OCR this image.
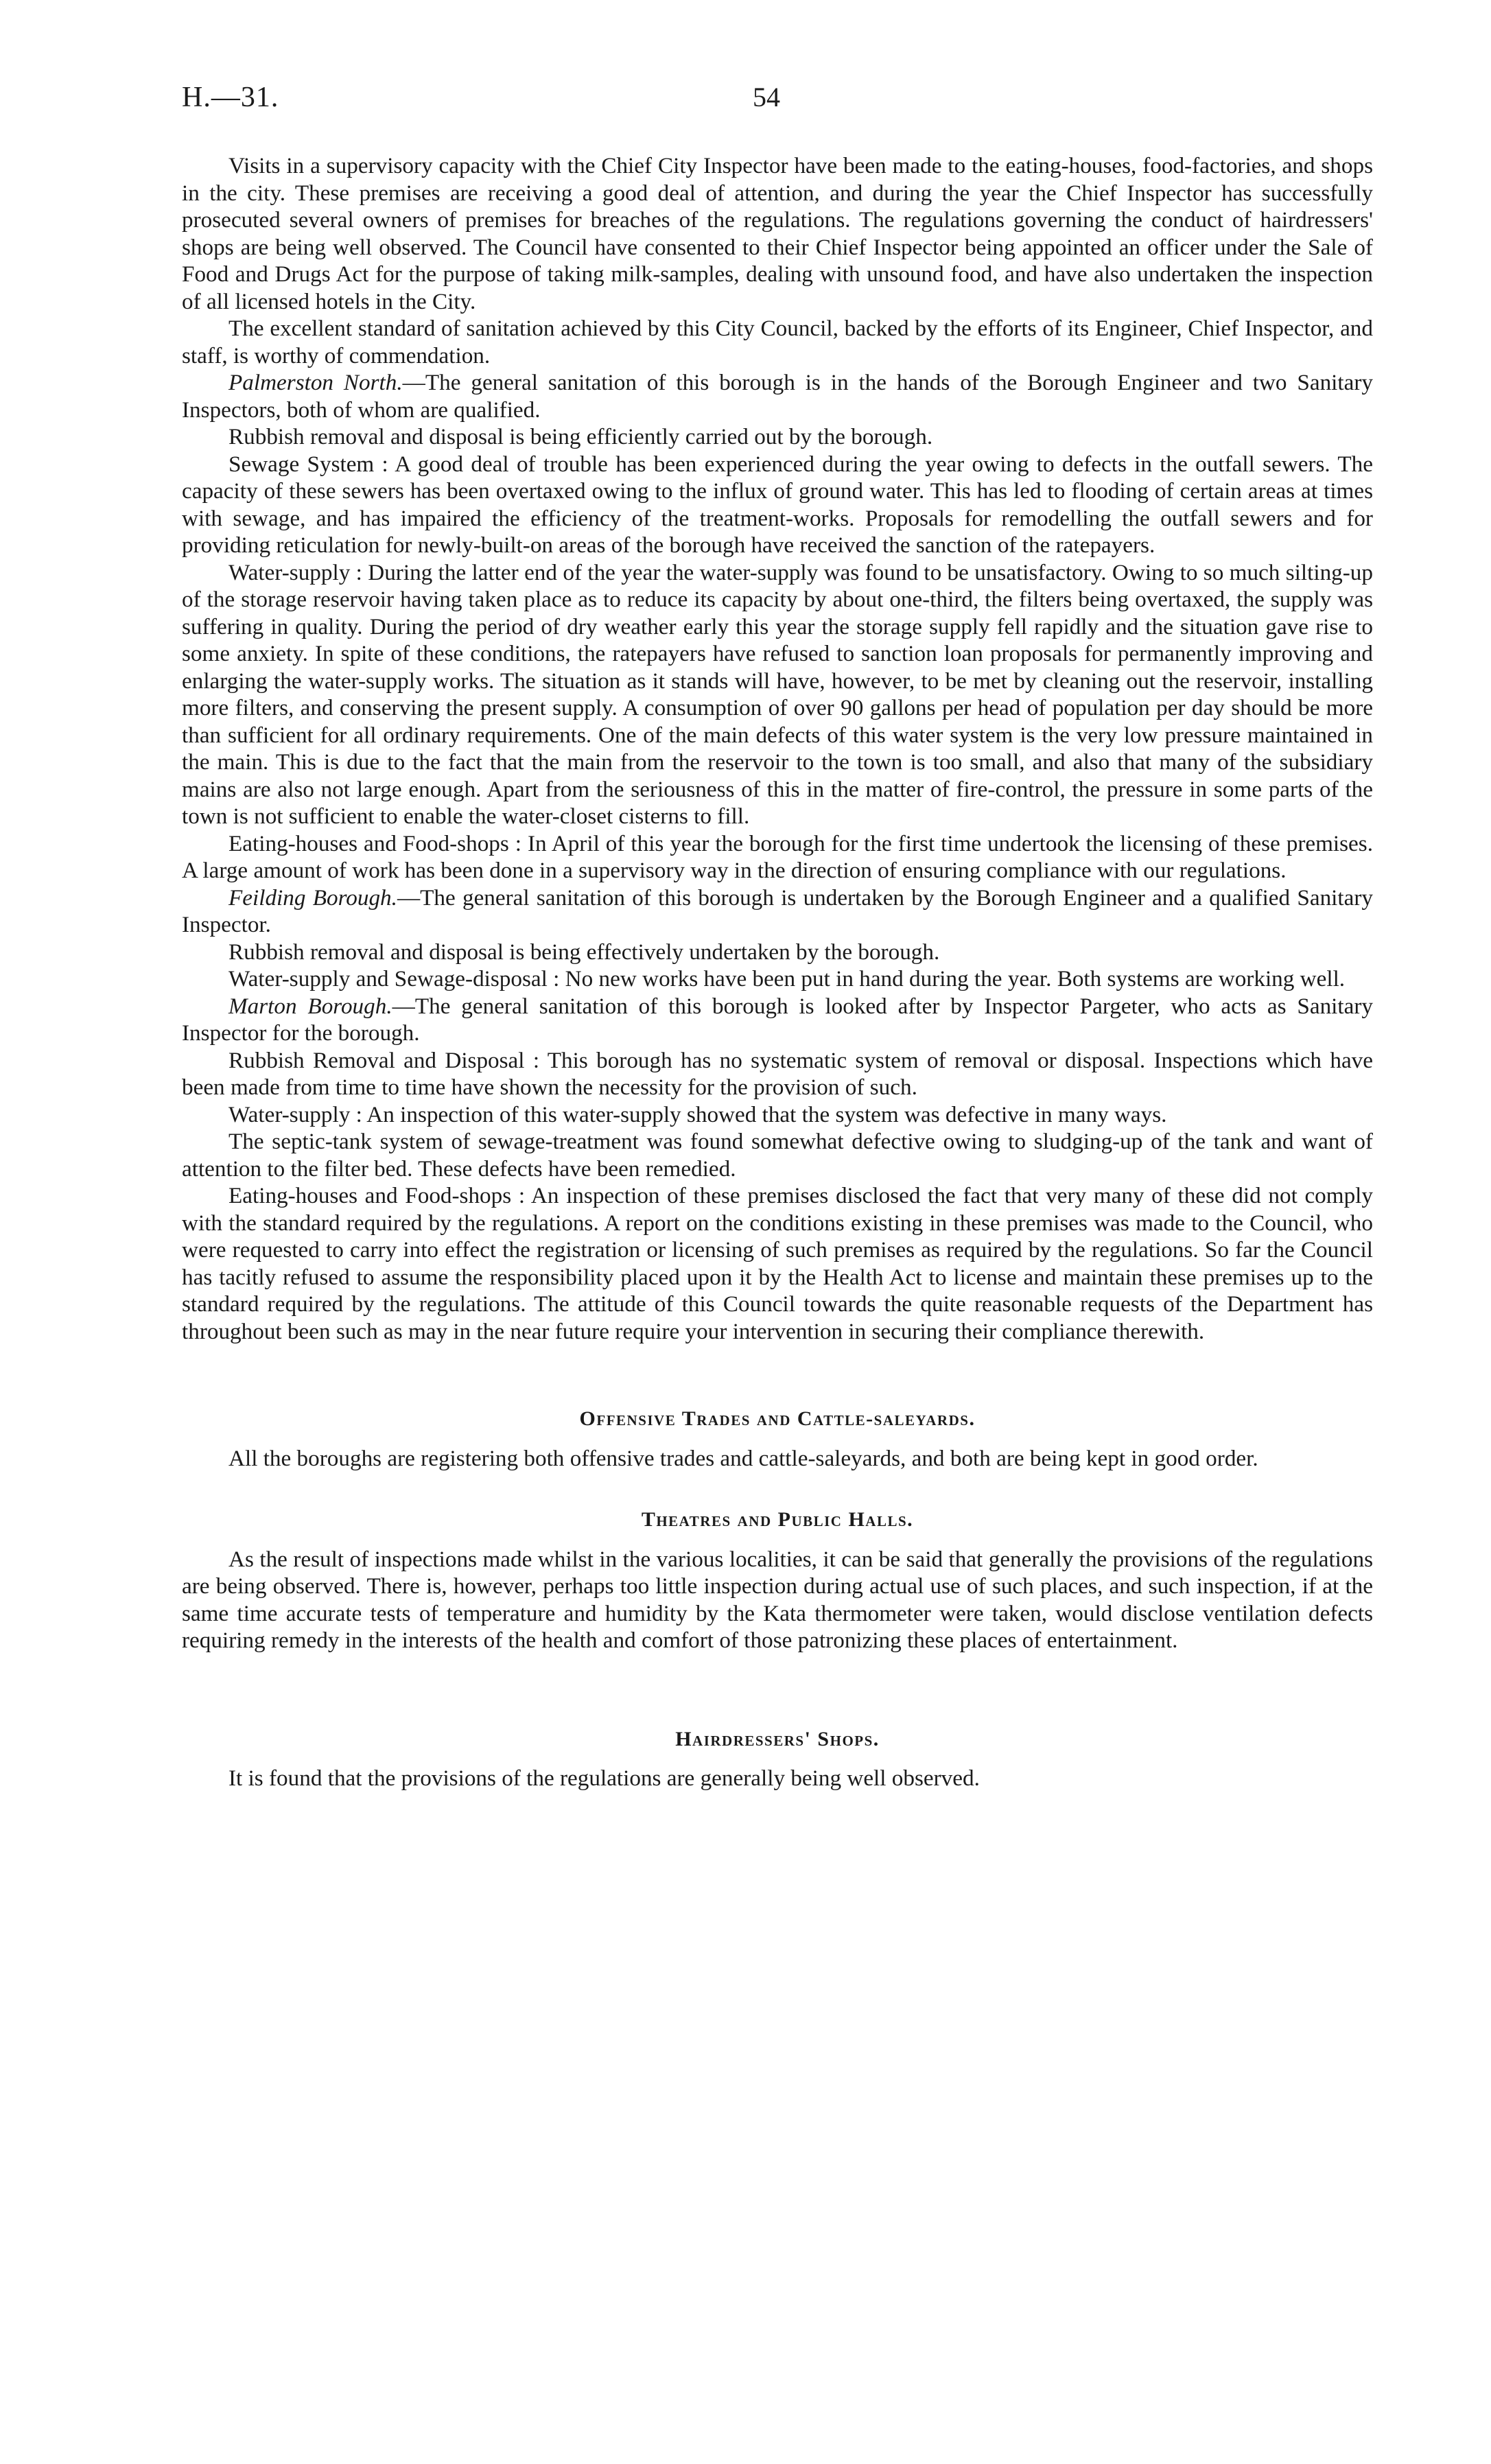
H.—31.	54

Visits in a supervisory capacity with the Chief City Inspector have been made to the eating-houses, food-factories, and shops in the city. These premises are receiving a good deal of attention, and during the year the Chief Inspector has successfully prosecuted several owners of premises for breaches of the regulations. The regulations governing the conduct of hairdressers' shops are being well observed. The Council have consented to their Chief Inspector being appointed an officer under the Sale of Food and Drugs Act for the purpose of taking milk-samples, dealing with unsound food, and have also undertaken the inspection of all licensed hotels in the City.

The excellent standard of sanitation achieved by this City Council, backed by the efforts of its Engineer, Chief Inspector, and staff, is worthy of commendation.

Palmerston North.—The general sanitation of this borough is in the hands of the Borough Engineer and two Sanitary Inspectors, both of whom are qualified.

Rubbish removal and disposal is being efficiently carried out by the borough.

Sewage System : A good deal of trouble has been experienced during the year owing to defects in the outfall sewers. The capacity of these sewers has been overtaxed owing to the influx of ground water. This has led to flooding of certain areas at times with sewage, and has impaired the efficiency of the treatment-works. Proposals for remodelling the outfall sewers and for providing reticulation for newly-built-on areas of the borough have received the sanction of the ratepayers.

Water-supply : During the latter end of the year the water-supply was found to be unsatisfactory. Owing to so much silting-up of the storage reservoir having taken place as to reduce its capacity by about one-third, the filters being overtaxed, the supply was suffering in quality. During the period of dry weather early this year the storage supply fell rapidly and the situation gave rise to some anxiety. In spite of these conditions, the ratepayers have refused to sanction loan proposals for permanently improving and enlarging the water-supply works. The situation as it stands will have, however, to be met by cleaning out the reservoir, installing more filters, and conserving the present supply. A consumption of over 90 gallons per head of population per day should be more than sufficient for all ordinary requirements. One of the main defects of this water system is the very low pressure maintained in the main. This is due to the fact that the main from the reservoir to the town is too small, and also that many of the subsidiary mains are also not large enough. Apart from the seriousness of this in the matter of fire-control, the pressure in some parts of the town is not sufficient to enable the water-closet cisterns to fill.

Eating-houses and Food-shops : In April of this year the borough for the first time undertook the licensing of these premises. A large amount of work has been done in a supervisory way in the direction of ensuring compliance with our regulations.

Feilding Borough.—The general sanitation of this borough is undertaken by the Borough Engineer and a qualified Sanitary Inspector.

Rubbish removal and disposal is being effectively undertaken by the borough.

Water-supply and Sewage-disposal : No new works have been put in hand during the year. Both systems are working well.

Marton Borough.—The general sanitation of this borough is looked after by Inspector Pargeter, who acts as Sanitary Inspector for the borough.

Rubbish Removal and Disposal : This borough has no systematic system of removal or disposal. Inspections which have been made from time to time have shown the necessity for the provision of such.

Water-supply : An inspection of this water-supply showed that the system was defective in many ways.

The septic-tank system of sewage-treatment was found somewhat defective owing to sludging-up of the tank and want of attention to the filter bed. These defects have been remedied.

Eating-houses and Food-shops : An inspection of these premises disclosed the fact that very many of these did not comply with the standard required by the regulations. A report on the conditions existing in these premises was made to the Council, who were requested to carry into effect the registration or licensing of such premises as required by the regulations. So far the Council has tacitly refused to assume the responsibility placed upon it by the Health Act to license and maintain these premises up to the standard required by the regulations. The attitude of this Council towards the quite reasonable requests of the Department has throughout been such as may in the near future require your intervention in securing their compliance therewith.

Offensive Trades and Cattle-saleyards.

All the boroughs are registering both offensive trades and cattle-saleyards, and both are being kept in good order.

Theatres and Public Halls.

As the result of inspections made whilst in the various localities, it can be said that generally the provisions of the regulations are being observed. There is, however, perhaps too little inspection during actual use of such places, and such inspection, if at the same time accurate tests of temperature and humidity by the Kata thermometer were taken, would disclose ventilation defects requiring remedy in the interests of the health and comfort of those patronizing these places of entertainment.

Hairdressers' Shops.

It is found that the provisions of the regulations are generally being well observed.
